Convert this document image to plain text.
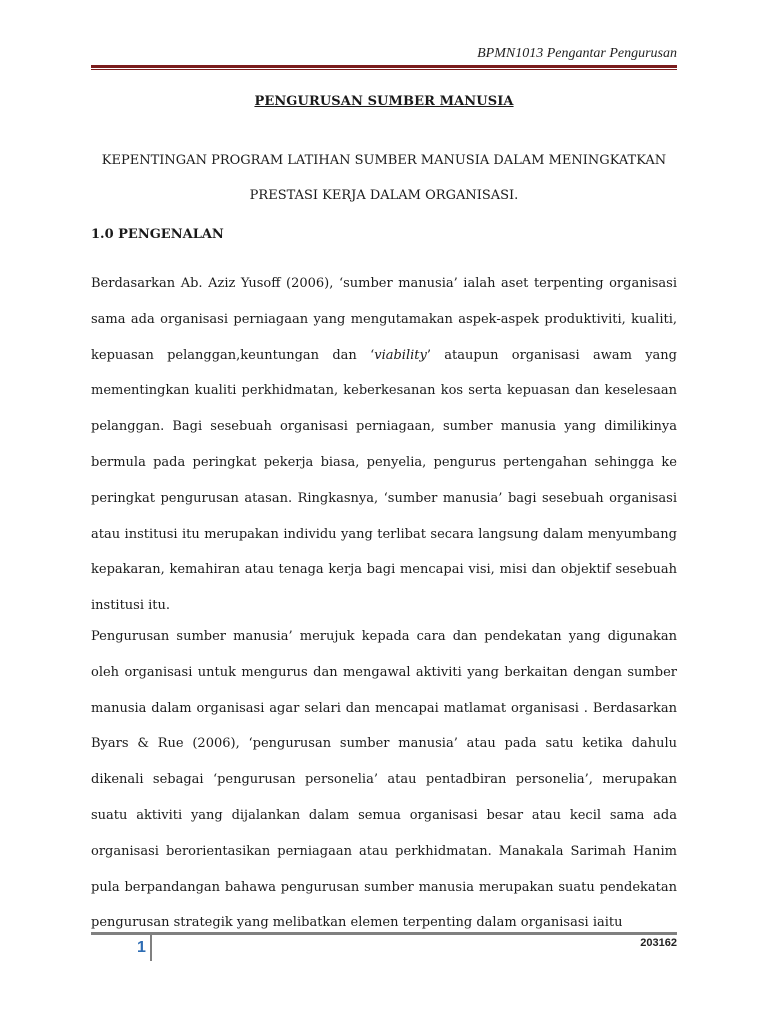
BPMN1013 Pengantar Pengurusan
PENGURUSAN SUMBER MANUSIA
KEPENTINGAN PROGRAM LATIHAN SUMBER MANUSIA DALAM MENINGKATKAN
PRESTASI KERJA DALAM ORGANISASI.
1.0 PENGENALAN

Berdasarkan Ab. Aziz Yusoff (2006), ‘sumber manusia’ ialah aset terpenting organisasi sama ada organisasi perniagaan yang mengutamakan aspek-aspek produktiviti, kualiti, kepuasan pelanggan,keuntungan dan ‘viability’ ataupun organisasi awam yang mementingkan kualiti perkhidmatan, keberkesanan kos serta kepuasan dan keselesaan pelanggan. Bagi sesebuah organisasi perniagaan, sumber manusia yang dimilikinya bermula pada peringkat pekerja biasa, penyelia, pengurus pertengahan sehingga ke peringkat pengurusan atasan. Ringkasnya, ‘sumber manusia’ bagi sesebuah organisasi atau institusi itu merupakan individu yang terlibat secara langsung dalam menyumbang kepakaran, kemahiran atau tenaga kerja bagi mencapai visi, misi dan objektif sesebuah institusi itu.

Pengurusan sumber manusia’ merujuk kepada cara dan pendekatan yang digunakan oleh organisasi untuk mengurus dan mengawal aktiviti yang berkaitan dengan sumber manusia dalam organisasi agar selari dan mencapai matlamat organisasi . Berdasarkan Byars & Rue (2006), ‘pengurusan sumber manusia’ atau pada satu ketika dahulu dikenali sebagai ‘pengurusan personelia’ atau pentadbiran personelia’, merupakan suatu aktiviti yang dijalankan dalam semua organisasi besar atau kecil sama ada organisasi berorientasikan perniagaan atau perkhidmatan. Manakala Sarimah Hanim pula berpandangan bahawa pengurusan sumber manusia merupakan suatu pendekatan pengurusan strategik yang melibatkan elemen terpenting dalam organisasi iaitu

1	203162
